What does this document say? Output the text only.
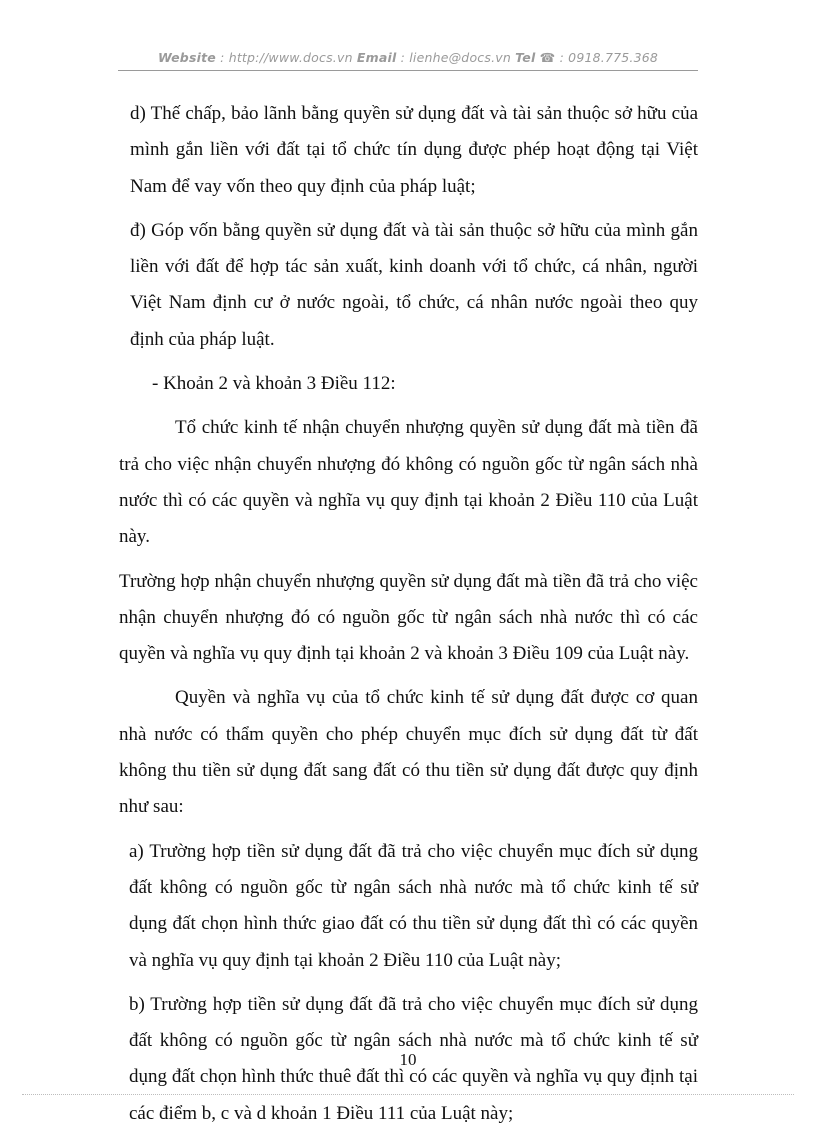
Website : http://www.docs.vn Email : lienhe@docs.vn Tel ☎ : 0918.775.368

d) Thế chấp, bảo lãnh bằng quyền sử dụng đất và tài sản thuộc sở hữu của mình gắn liền với đất tại tổ chức tín dụng được phép hoạt động tại Việt Nam để vay vốn theo quy định của pháp luật;

đ) Góp vốn bằng quyền sử dụng đất và tài sản thuộc sở hữu của mình gắn liền với đất để hợp tác sản xuất, kinh doanh với tổ chức, cá nhân, người Việt Nam định cư ở nước ngoài, tổ chức, cá nhân nước ngoài theo quy định của pháp luật.

- Khoản 2 và khoản 3 Điều 112:

Tổ chức kinh tế nhận chuyển nhượng quyền sử dụng đất mà tiền đã trả cho việc nhận chuyển nhượng đó không có nguồn gốc từ ngân sách nhà nước thì có các quyền và nghĩa vụ quy định tại khoản 2 Điều 110 của Luật này.

Trường hợp nhận chuyển nhượng quyền sử dụng đất mà tiền đã trả cho việc nhận chuyển nhượng đó có nguồn gốc từ ngân sách nhà nước thì có các quyền và nghĩa vụ quy định tại khoản 2 và khoản 3 Điều 109 của Luật này.

Quyền và nghĩa vụ của tổ chức kinh tế sử dụng đất được cơ quan nhà nước có thẩm quyền cho phép chuyển mục đích sử dụng đất từ đất không thu tiền sử dụng đất sang đất có thu tiền sử dụng đất được quy định như sau:

a) Trường hợp tiền sử dụng đất đã trả cho việc chuyển mục đích sử dụng đất không có nguồn gốc từ ngân sách nhà nước mà tổ chức kinh tế sử dụng đất chọn hình thức giao đất có thu tiền sử dụng đất thì có các quyền và nghĩa vụ quy định tại khoản 2 Điều 110 của Luật này;

b) Trường hợp tiền sử dụng đất đã trả cho việc chuyển mục đích sử dụng đất không có nguồn gốc từ ngân sách nhà nước mà tổ chức kinh tế sử dụng đất chọn hình thức thuê đất thì có các quyền và nghĩa vụ quy định tại các điểm b, c và d khoản 1 Điều 111 của Luật này;

10
